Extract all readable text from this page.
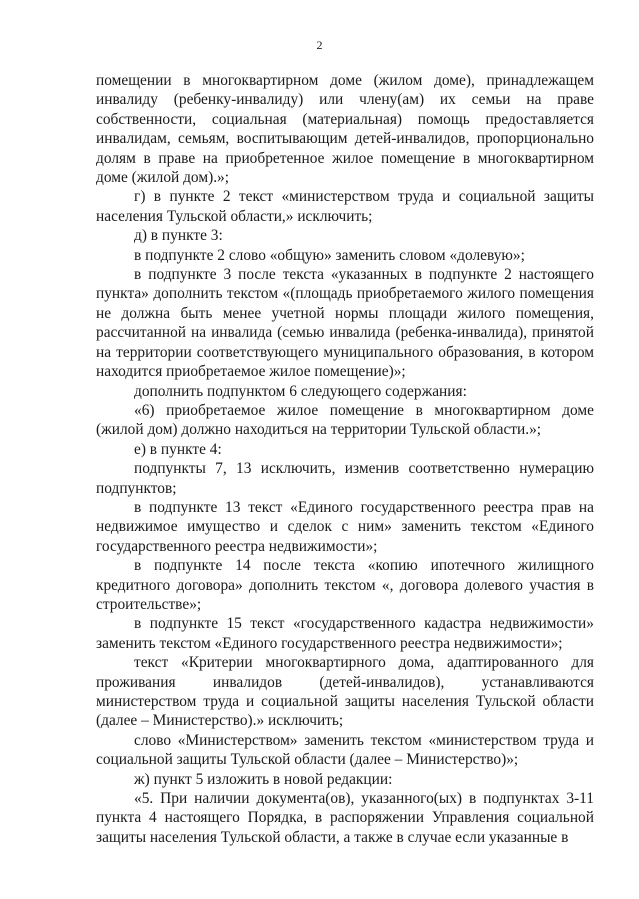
2

помещении в многоквартирном доме (жилом доме), принадлежащем инвалиду (ребенку-инвалиду) или члену(ам) их семьи на праве собственности, социальная (материальная) помощь предоставляется инвалидам, семьям, воспитывающим детей-инвалидов, пропорционально долям в праве на приобретенное жилое помещение в многоквартирном доме (жилой дом).»;

г) в пункте 2 текст «министерством труда и социальной защиты населения Тульской области,» исключить;

д) в пункте 3:

в подпункте 2 слово «общую» заменить словом «долевую»;

в подпункте 3 после текста «указанных в подпункте 2 настоящего пункта» дополнить текстом «(площадь приобретаемого жилого помещения не должна быть менее учетной нормы площади жилого помещения, рассчитанной на инвалида (семью инвалида (ребенка-инвалида), принятой на территории соответствующего муниципального образования, в котором находится приобретаемое жилое помещение)»;

дополнить подпунктом 6 следующего содержания:

«6) приобретаемое жилое помещение в многоквартирном доме (жилой дом) должно находиться на территории Тульской области.»;

е) в пункте 4:

подпункты 7, 13 исключить, изменив соответственно нумерацию подпунктов;

в подпункте 13 текст «Единого государственного реестра прав на недвижимое имущество и сделок с ним» заменить текстом «Единого государственного реестра недвижимости»;

в подпункте 14 после текста «копию ипотечного жилищного кредитного договора» дополнить текстом «, договора долевого участия в строительстве»;

в подпункте 15 текст «государственного кадастра недвижимости» заменить текстом «Единого государственного реестра недвижимости»;

текст «Критерии многоквартирного дома, адаптированного для проживания инвалидов (детей-инвалидов), устанавливаются министерством труда и социальной защиты населения Тульской области (далее – Министерство).» исключить;

слово «Министерством» заменить текстом «министерством труда и социальной защиты Тульской области (далее – Министерство)»;

ж) пункт 5 изложить в новой редакции:

«5. При наличии документа(ов), указанного(ых) в подпунктах 3-11 пункта 4 настоящего Порядка, в распоряжении Управления социальной защиты населения Тульской области, а также в случае если указанные в
